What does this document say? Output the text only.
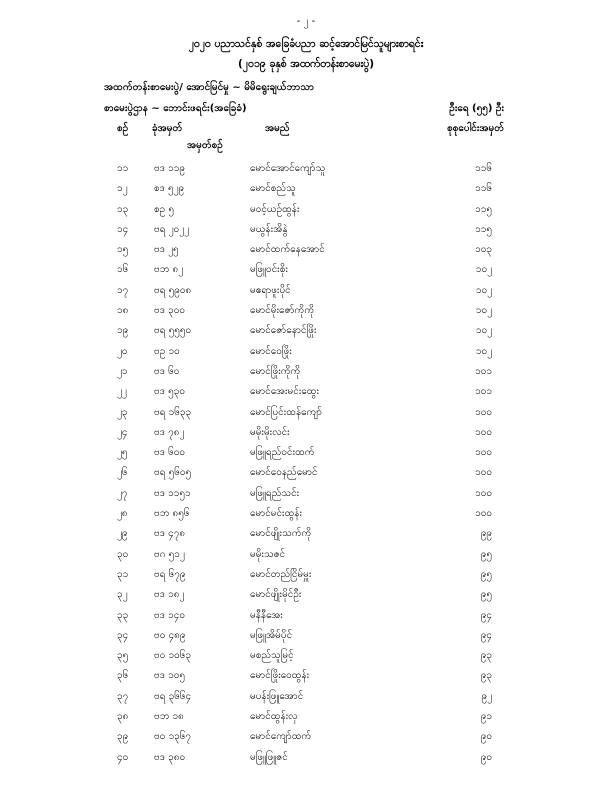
- ၂ -
၂၀၂၀ ပညာသင်နှစ် အခြေခံပညာ ဆင့်အောင်မြင်သူများစာရင်း
(၂၀၁၉ ခုနှစ် အထက်တန်းစာမေးပွဲ)
အထက်တန်းစာမေးပွဲ/ အောင်မြင်မှု ~ မိမိရွေးချယ်ဘာသာ
စာမေးပွဲဌာန ~ ဘောင်းဖရင်း(အခြေခံ)	ဦးရေ (၅၅) ဦး
စဉ် ခုံအမှတ်
အမှတ်စဉ်
အမည်	စုစုပေါင်းအမှတ်
၁၁	ဗဒ ၁၁၉	မောင်အောင်ကျော်သူ	၁၁၆
၁၂	စဒ ၅၂၉	မောင်စည်သူ	၁၁၆
၁၃	စဥ ၅	မဝင့်ယဉ်ထွန်း	၁၁၅
၁၄	ဗရ ၂၀၂၂	မယွန်းအိနွဲ	၁၁၅
၁၅	ဗဒ ၂၅	မောင်ထက်နေအောင်	၁၀၃
၁၆	ဗဘ ၈၂	မဖြူဝင်းစိုး	၁၀၂
၁၇	ဗရ ၅၉၀၈	မဧရာဖူးပိုင်	၁၀၂
၁၈	ဗဒ ၃၀၀	မောင်မိုးဇော်ကိုကို	၁၀၂
၁၉	ဗရ ၅၅၅၀	မောင်ဇော်နောင်ဖြိုး	၁၀၂
၂၀	ဗဥ ၁၀	မောင်ဝေဖြိုး	၁၀၂
၂၁	ဗဒ ၆၀	မောင်ဖြိုးကိုကို	၁၀၁
၂၂	ဗဒ ၅၃၀	မောင်အေးမင်းထွေး	၁၀၁
၂၃	ဗရ ၁၆၃၃	မောင်ပြင်းထန်ကျော်	၁၀၀
၂၄	ဗဒ ၇၈၂	မမိုးမိုးလင်း	၁၀၀
၂၅	ဗဒ ၆၀၀	မဖြူရည်ဝင်းထက်	၁၀၀
၂၆	ဗရ ၅၆၀၅	မောင်ဝေနည်မောင်	၁၀၀
၂၇	ဗဒ ၁၁၅၁	မဖြူရည်သင်း	၁၀၀
၂၈	ဗဘ ၈၅၆	မောင်မင်းထွန်း	၁၀၀
၂၉	ဗဒ ၄၇၈	မောင်ဖျိုးသက်ကို	၉၉
၃၀	ဗဂ ၅၁၂	မမိုးသဇင်	၉၅
၃၁	ဗရ ၆၇၉	မောင်တည်ငြိမ်မှူး	၉၅
၃၂	ဗဒ ၁၈၂	မောင်ဖျိုးမိုင်ဦး	၉၅
၃၃	ဗဒ ၁၄၀	မနီနီအေး	၉၄
၃၄	ဗဝ ၄၈၉	မဖြူအိမ်ပိုင်	၉၄
၃၅	ဗဝ ၁၀၆၃	မစည်သူမြင့်	၉၃
၃၆	ဗဒ ၁၀၅	မောင်ဖြိုးဝေထွန်း	၉၃
၃၇	ဗရ ၃၆၆၄	မပန်းဖြူအောင်	၉၂
၃၈	ဗဘ ၁၈	မောင်ထွန်းလှ	၉၁
၃၉	ဗဝ ၁၃၆၇	မောင်ကျော်ထက်	၉၀
၄၀	ဗဒ ၃၈၀	မဖြူဖြူဇင်	၉၀
